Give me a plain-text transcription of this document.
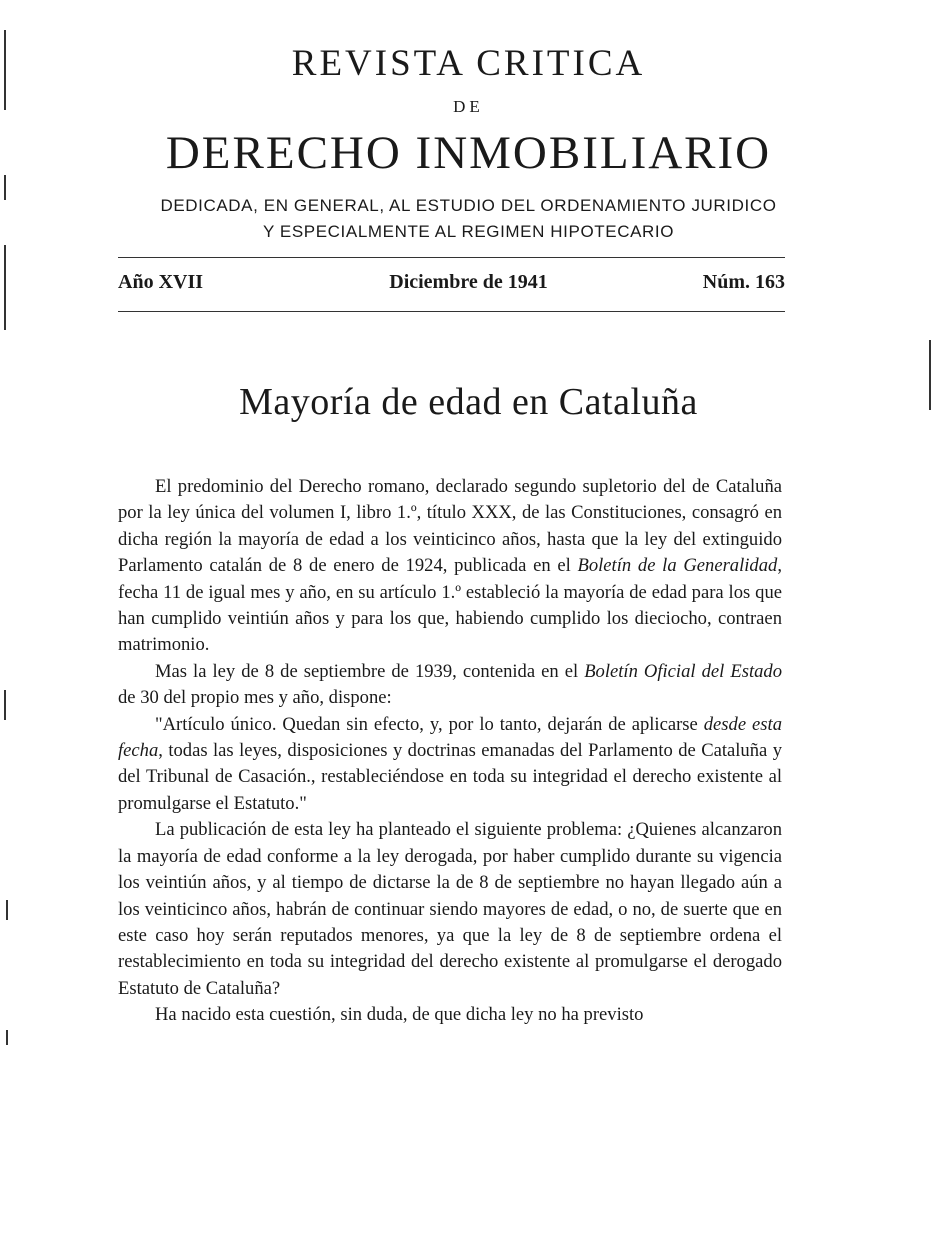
REVISTA CRITICA
DE
DERECHO INMOBILIARIO
DEDICADA, EN GENERAL, AL ESTUDIO DEL ORDENAMIENTO JURIDICO
Y ESPECIALMENTE AL REGIMEN HIPOTECARIO
Diciembre de 1941
Año XVII	Núm. 163
Mayoría de edad en Cataluña

El predominio del Derecho romano, declarado segundo supletorio del de Cataluña por la ley única del volumen I, libro 1.º, título XXX, de las Constituciones, consagró en dicha región la mayoría de edad a los veinticinco años, hasta que la ley del extinguido Parlamento catalán de 8 de enero de 1924, publicada en el Boletín de la Generalidad, fecha 11 de igual mes y año, en su artículo 1.º estableció la mayoría de edad para los que han cumplido veintiún años y para los que, habiendo cumplido los dieciocho, contraen matrimonio.

Mas la ley de 8 de septiembre de 1939, contenida en el Boletín Oficial del Estado de 30 del propio mes y año, dispone:

"Artículo único. Quedan sin efecto, y, por lo tanto, dejarán de aplicarse desde esta fecha, todas las leyes, disposiciones y doctrinas emanadas del Parlamento de Cataluña y del Tribunal de Casación., restableciéndose en toda su integridad el derecho existente al promulgarse el Estatuto."

La publicación de esta ley ha planteado el siguiente problema: ¿Quienes alcanzaron la mayoría de edad conforme a la ley derogada, por haber cumplido durante su vigencia los veintiún años, y al tiempo de dictarse la de 8 de septiembre no hayan llegado aún a los veinticinco años, habrán de continuar siendo mayores de edad, o no, de suerte que en este caso hoy serán reputados menores, ya que la ley de 8 de septiembre ordena el restablecimiento en toda su integridad del derecho existente al promulgarse el derogado Estatuto de Cataluña?

Ha nacido esta cuestión, sin duda, de que dicha ley no ha previsto
